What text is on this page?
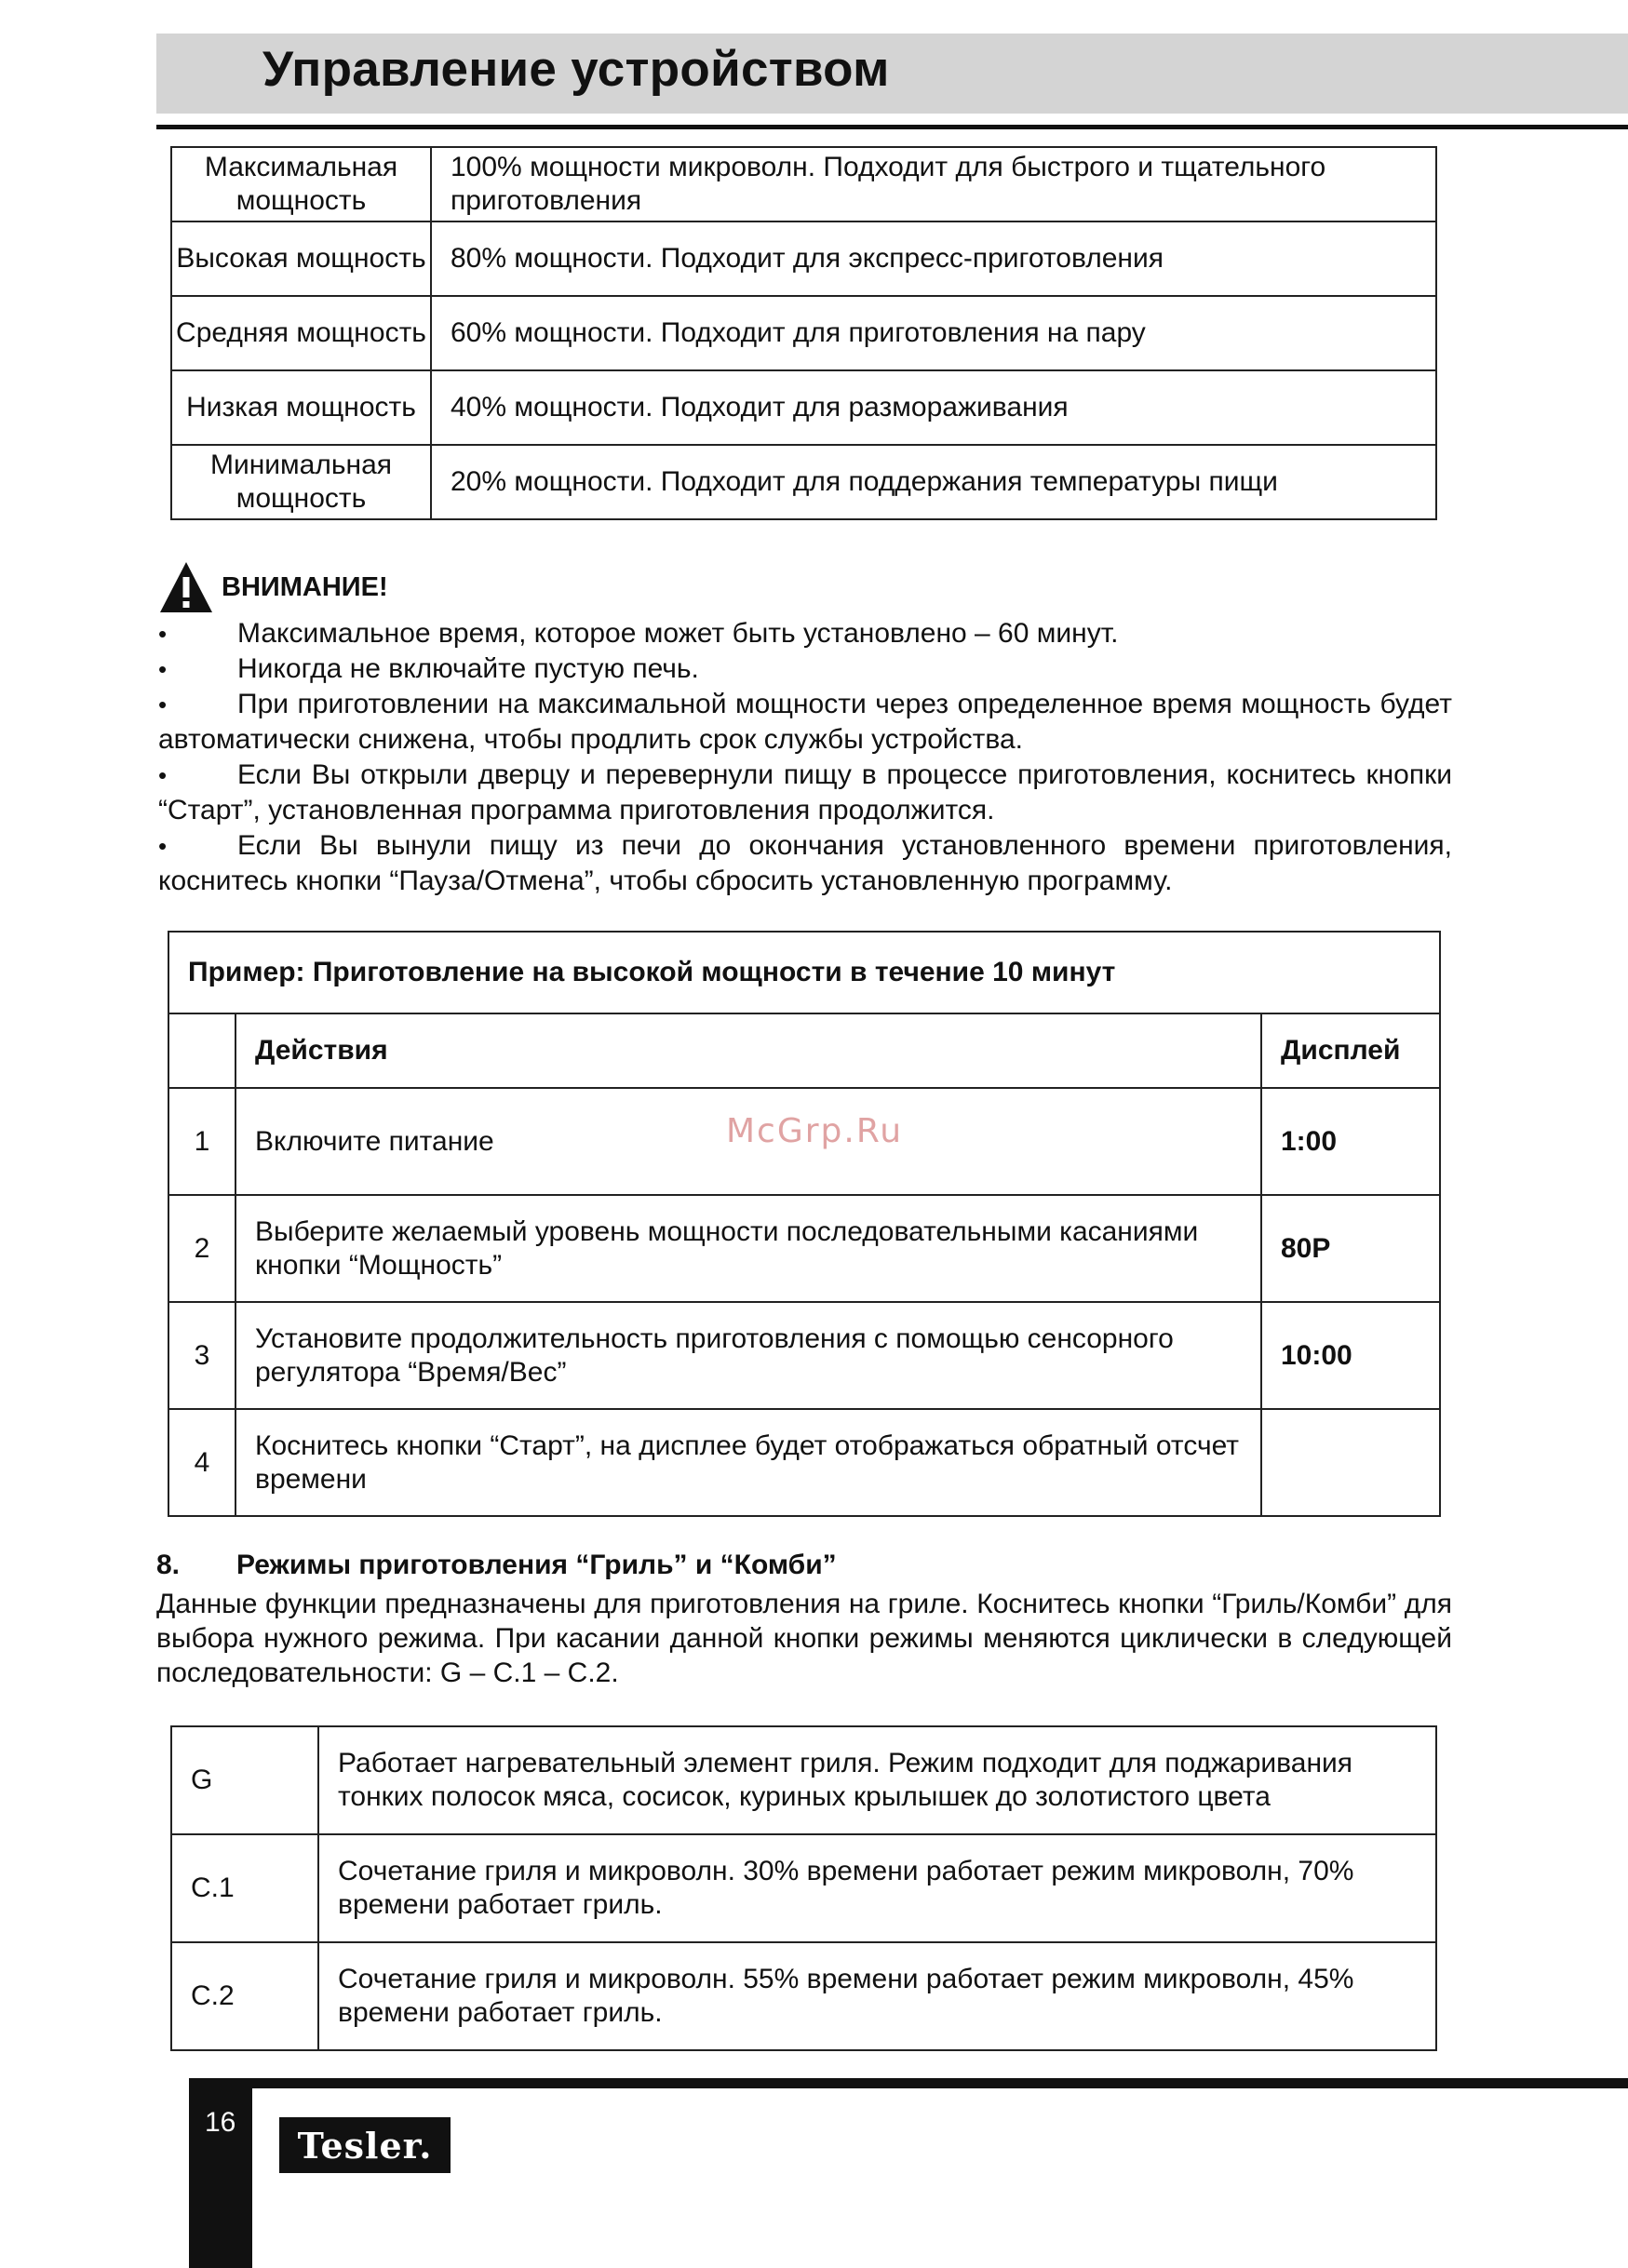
Управление устройством
Максимальная мощность	100% мощности микроволн. Подходит для быстрого и тщательного приготовления
Высокая мощность	80% мощности. Подходит для экспресс-приготовления
Средняя мощность	60% мощности. Подходит для приготовления на пару
Низкая мощность	40% мощности. Подходит для размораживания
Минимальная мощность	20% мощности. Подходит для поддержания температуры пищи
ВНИМАНИЕ!
• Максимальное время, которое может быть установлено – 60 минут.
• Никогда не включайте пустую печь.
• При приготовлении на максимальной мощности через определенное время мощность будет автоматически снижена, чтобы продлить срок службы устройства.
• Если Вы открыли дверцу и перевернули пищу в процессе приготовления, коснитесь кнопки “Старт”, установленная программа приготовления продолжится.
• Если Вы вынули пищу из печи до окончания установленного времени приготовления, коснитесь кнопки “Пауза/Отмена”, чтобы сбросить установленную программу.
Пример: Приготовление на высокой мощности в течение 10 минут		
	Действия	Дисплей
1	Включите питание	1:00
2	Выберите желаемый уровень мощности последовательными касаниями кнопки “Мощность”	80P
3	Установите продолжительность приготовления с помощью сенсорного регулятора “Время/Вес”	10:00
4	Коснитесь кнопки “Старт”, на дисплее будет отображаться обратный отсчет времени	
McGrp.Ru
8.	Режимы приготовления “Гриль” и “Комби”

Данные функции предназначены для приготовления на гриле. Коснитесь кнопки “Гриль/Комби” для выбора нужного режима. При касании данной кнопки режимы меняются циклически в следующей последовательности: G – C.1 – C.2.

G	Работает нагревательный элемент гриля. Режим подходит для поджаривания тонких полосок мяса, сосисок, куриных крылышек до золотистого цвета
C.1	Сочетание гриля и микроволн. 30% времени работает режим микроволн, 70% времени работает гриль.
C.2	Сочетание гриля и микроволн. 55% времени работает режим микроволн, 45% времени работает гриль.
16
Tesler.
